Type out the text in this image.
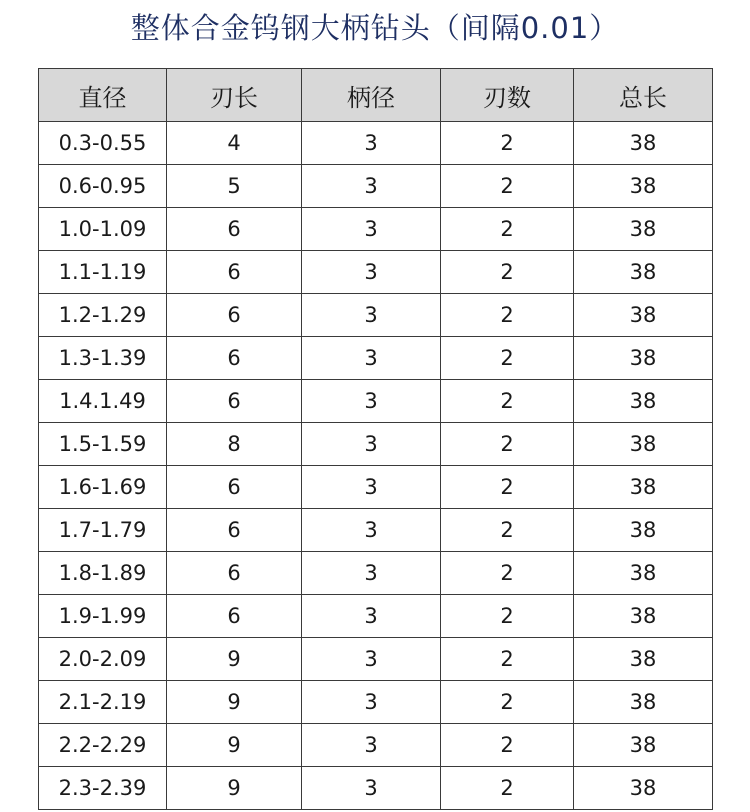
整体合金钨钢大柄钻头（间隔0.01）
直径	刃长	柄径	刃数	总长
0.3-0.55	4	3	2	38
0.6-0.95	5	3	2	38
1.0-1.09	6	3	2	38
1.1-1.19	6	3	2	38
1.2-1.29	6	3	2	38
1.3-1.39	6	3	2	38
1.4.1.49	6	3	2	38
1.5-1.59	8	3	2	38
1.6-1.69	6	3	2	38
1.7-1.79	6	3	2	38
1.8-1.89	6	3	2	38
1.9-1.99	6	3	2	38
2.0-2.09	9	3	2	38
2.1-2.19	9	3	2	38
2.2-2.29	9	3	2	38
2.3-2.39	9	3	2	38
